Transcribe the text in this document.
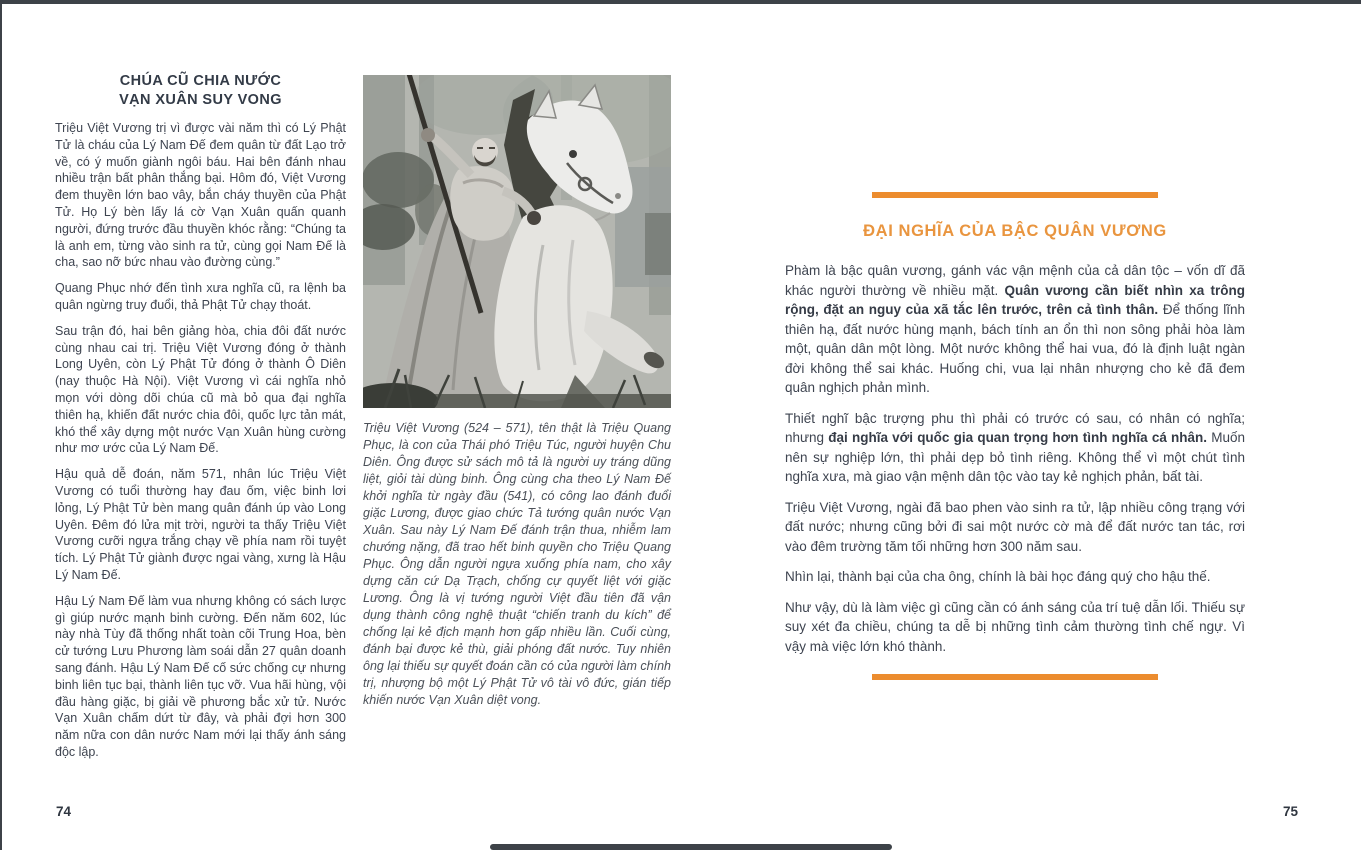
CHÚA CŨ CHIA NƯỚC
VẠN XUÂN SUY VONG

Triệu Việt Vương trị vì được vài năm thì có Lý Phật Tử là cháu của Lý Nam Đế đem quân từ đất Lạo trở về, có ý muốn giành ngôi báu. Hai bên đánh nhau nhiều trận bất phân thắng bại. Hôm đó, Việt Vương đem thuyền lớn bao vây, bắn cháy thuyền của Phật Tử. Họ Lý bèn lấy lá cờ Vạn Xuân quấn quanh người, đứng trước đầu thuyền khóc rằng: “Chúng ta là anh em, từng vào sinh ra tử, cùng gọi Nam Đế là cha, sao nỡ bức nhau vào đường cùng.”

Quang Phục nhớ đến tình xưa nghĩa cũ, ra lệnh ba quân ngừng truy đuổi, thả Phật Tử chạy thoát.

Sau trận đó, hai bên giảng hòa, chia đôi đất nước cùng nhau cai trị. Triệu Việt Vương đóng ở thành Long Uyên, còn Lý Phật Tử đóng ở thành Ô Diên (nay thuộc Hà Nội). Việt Vương vì cái nghĩa nhỏ mọn với dòng dõi chúa cũ mà bỏ qua đại nghĩa thiên hạ, khiến đất nước chia đôi, quốc lực tản mát, khó thể xây dựng một nước Vạn Xuân hùng cường như mơ ước của Lý Nam Đế.

Hậu quả dễ đoán, năm 571, nhân lúc Triệu Việt Vương có tuổi thường hay đau ốm, việc binh lơi lỏng, Lý Phật Tử bèn mang quân đánh úp vào Long Uyên. Đêm đó lửa mịt trời, người ta thấy Triệu Việt Vương cưỡi ngựa trắng chạy về phía nam rồi tuyệt tích. Lý Phật Tử giành được ngai vàng, xưng là Hậu Lý Nam Đế.

Hậu Lý Nam Đế làm vua nhưng không có sách lược gì giúp nước mạnh binh cường. Đến năm 602, lúc này nhà Tùy đã thống nhất toàn cõi Trung Hoa, bèn cử tướng Lưu Phương làm soái dẫn 27 quân doanh sang đánh. Hậu Lý Nam Đế cố sức chống cự nhưng binh liên tục bại, thành liên tục vỡ. Vua hãi hùng, vội đầu hàng giặc, bị giải về phương bắc xử tử. Nước Vạn Xuân chấm dứt từ đây, và phải đợi hơn 300 năm nữa con dân nước Nam mới lại thấy ánh sáng độc lập.

Triệu Việt Vương (524 – 571), tên thật là Triệu Quang Phục, là con của Thái phó Triệu Túc, người huyện Chu Diên. Ông được sử sách mô tả là người uy tráng dũng liệt, giỏi tài dùng binh. Ông cùng cha theo Lý Nam Đế khởi nghĩa từ ngày đầu (541), có công lao đánh đuổi giặc Lương, được giao chức Tả tướng quân nước Vạn Xuân. Sau này Lý Nam Đế đánh trận thua, nhiễm lam chướng nặng, đã trao hết binh quyền cho Triệu Quang Phục. Ông dẫn người ngựa xuống phía nam, cho xây dựng căn cứ Dạ Trạch, chống cự quyết liệt với giặc Lương. Ông là vị tướng người Việt đầu tiên đã vận dụng thành công nghệ thuật “chiến tranh du kích” để chống lại kẻ địch mạnh hơn gấp nhiều lần. Cuối cùng, đánh bại được kẻ thù, giải phóng đất nước. Tuy nhiên ông lại thiếu sự quyết đoán cần có của người làm chính trị, nhượng bộ một Lý Phật Tử vô tài vô đức, gián tiếp khiến nước Vạn Xuân diệt vong.
ĐẠI NGHĨA CỦA BẬC QUÂN VƯƠNG

Phàm là bậc quân vương, gánh vác vận mệnh của cả dân tộc – vốn dĩ đã khác người thường về nhiều mặt. Quân vương cần biết nhìn xa trông rộng, đặt an nguy của xã tắc lên trước, trên cả tình thân. Để thống lĩnh thiên hạ, đất nước hùng mạnh, bách tính an ổn thì non sông phải hòa làm một, quân dân một lòng. Một nước không thể hai vua, đó là định luật ngàn đời không thể sai khác. Huống chi, vua lại nhân nhượng cho kẻ đã đem quân nghịch phản mình.

Thiết nghĩ bậc trượng phu thì phải có trước có sau, có nhân có nghĩa; nhưng đại nghĩa với quốc gia quan trọng hơn tình nghĩa cá nhân. Muốn nên sự nghiệp lớn, thì phải dẹp bỏ tình riêng. Không thể vì một chút tình nghĩa xưa, mà giao vận mệnh dân tộc vào tay kẻ nghịch phản, bất tài.

Triệu Việt Vương, ngài đã bao phen vào sinh ra tử, lập nhiều công trạng với đất nước; nhưng cũng bởi đi sai một nước cờ mà để đất nước tan tác, rơi vào đêm trường tăm tối những hơn 300 năm sau.

Nhìn lại, thành bại của cha ông, chính là bài học đáng quý cho hậu thế.

Như vậy, dù là làm việc gì cũng cần có ánh sáng của trí tuệ dẫn lối. Thiếu sự suy xét đa chiều, chúng ta dễ bị những tình cảm thường tình chế ngự. Vì vậy mà việc lớn khó thành.

74	75
